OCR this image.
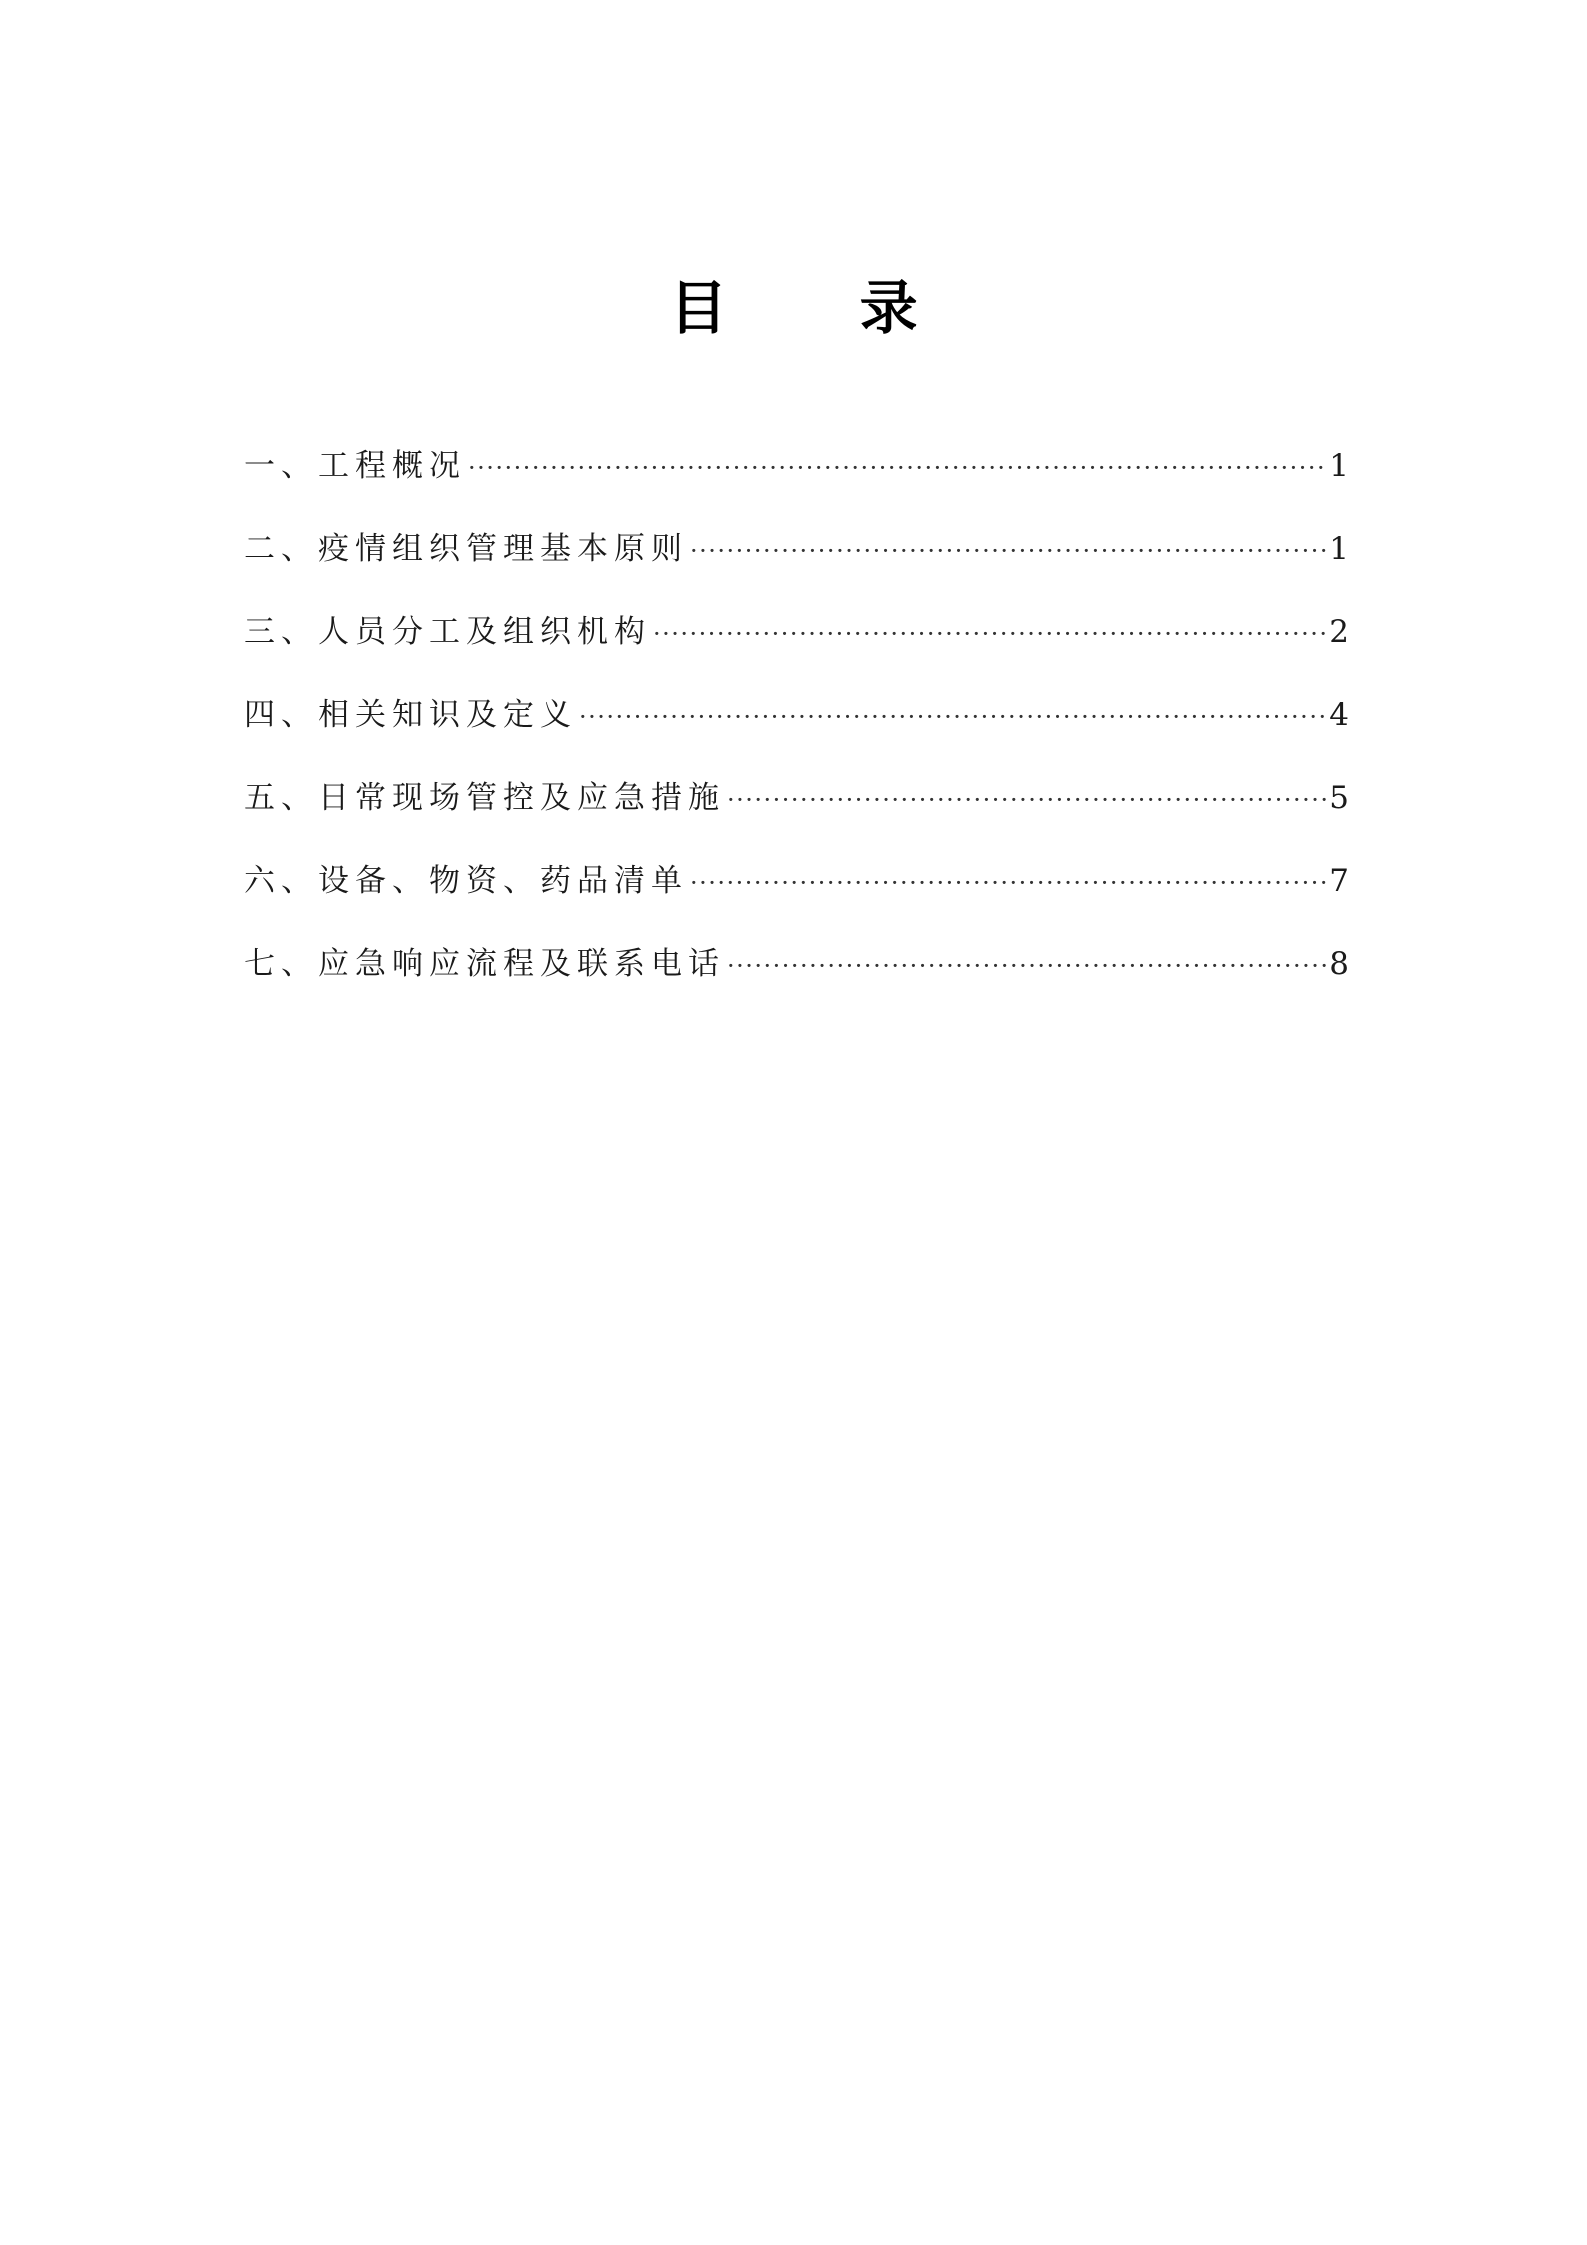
目 录
一、工程概况 ·····	1
二、疫情组织管理基本原则 ·····	1
三、人员分工及组织机构 ·····	2
四、相关知识及定义 ·····	4
五、日常现场管控及应急措施 ·····	5
六、设备、物资、药品清单 ·····	7
七、应急响应流程及联系电话 ·····	8
